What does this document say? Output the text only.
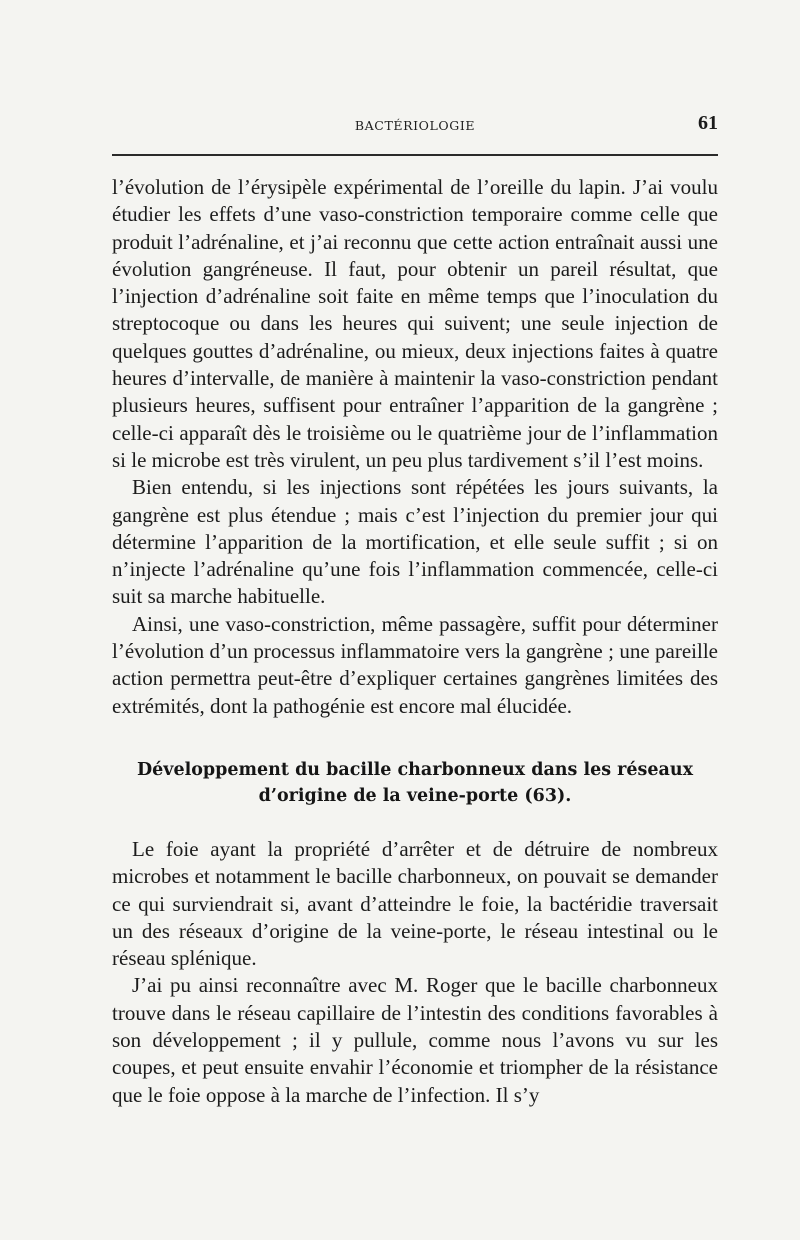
BACTÉRIOLOGIE	61

l’évolution de l’érysipèle expérimental de l’oreille du lapin. J’ai voulu étudier les effets d’une vaso-constriction temporaire comme celle que produit l’adrénaline, et j’ai reconnu que cette action entraînait aussi une évolution gangréneuse. Il faut, pour obtenir un pareil résultat, que l’injection d’adrénaline soit faite en même temps que l’inoculation du streptocoque ou dans les heures qui suivent; une seule injection de quelques gouttes d’adrénaline, ou mieux, deux injections faites à quatre heures d’intervalle, de manière à maintenir la vaso-constriction pendant plusieurs heures, suffisent pour entraîner l’apparition de la gangrène ; celle-ci apparaît dès le troisième ou le quatrième jour de l’inflammation si le microbe est très virulent, un peu plus tardivement s’il l’est moins.

Bien entendu, si les injections sont répétées les jours suivants, la gangrène est plus étendue ; mais c’est l’injection du premier jour qui détermine l’apparition de la mortification, et elle seule suffit ; si on n’injecte l’adrénaline qu’une fois l’inflammation commencée, celle-ci suit sa marche habituelle.

Ainsi, une vaso-constriction, même passagère, suffit pour déterminer l’évolution d’un processus inflammatoire vers la gangrène ; une pareille action permettra peut-être d’expliquer certaines gangrènes limitées des extrémités, dont la pathogénie est encore mal élucidée.

Développement du bacille charbonneux dans les réseaux
d’origine de la veine-porte (63).

Le foie ayant la propriété d’arrêter et de détruire de nombreux microbes et notamment le bacille charbonneux, on pouvait se demander ce qui surviendrait si, avant d’atteindre le foie, la bactéridie traversait un des réseaux d’origine de la veine-porte, le réseau intestinal ou le réseau splénique.

J’ai pu ainsi reconnaître avec M. Roger que le bacille charbonneux trouve dans le réseau capillaire de l’intestin des conditions favorables à son développement ; il y pullule, comme nous l’avons vu sur les coupes, et peut ensuite envahir l’économie et triompher de la résistance que le foie oppose à la marche de l’infection. Il s’y
